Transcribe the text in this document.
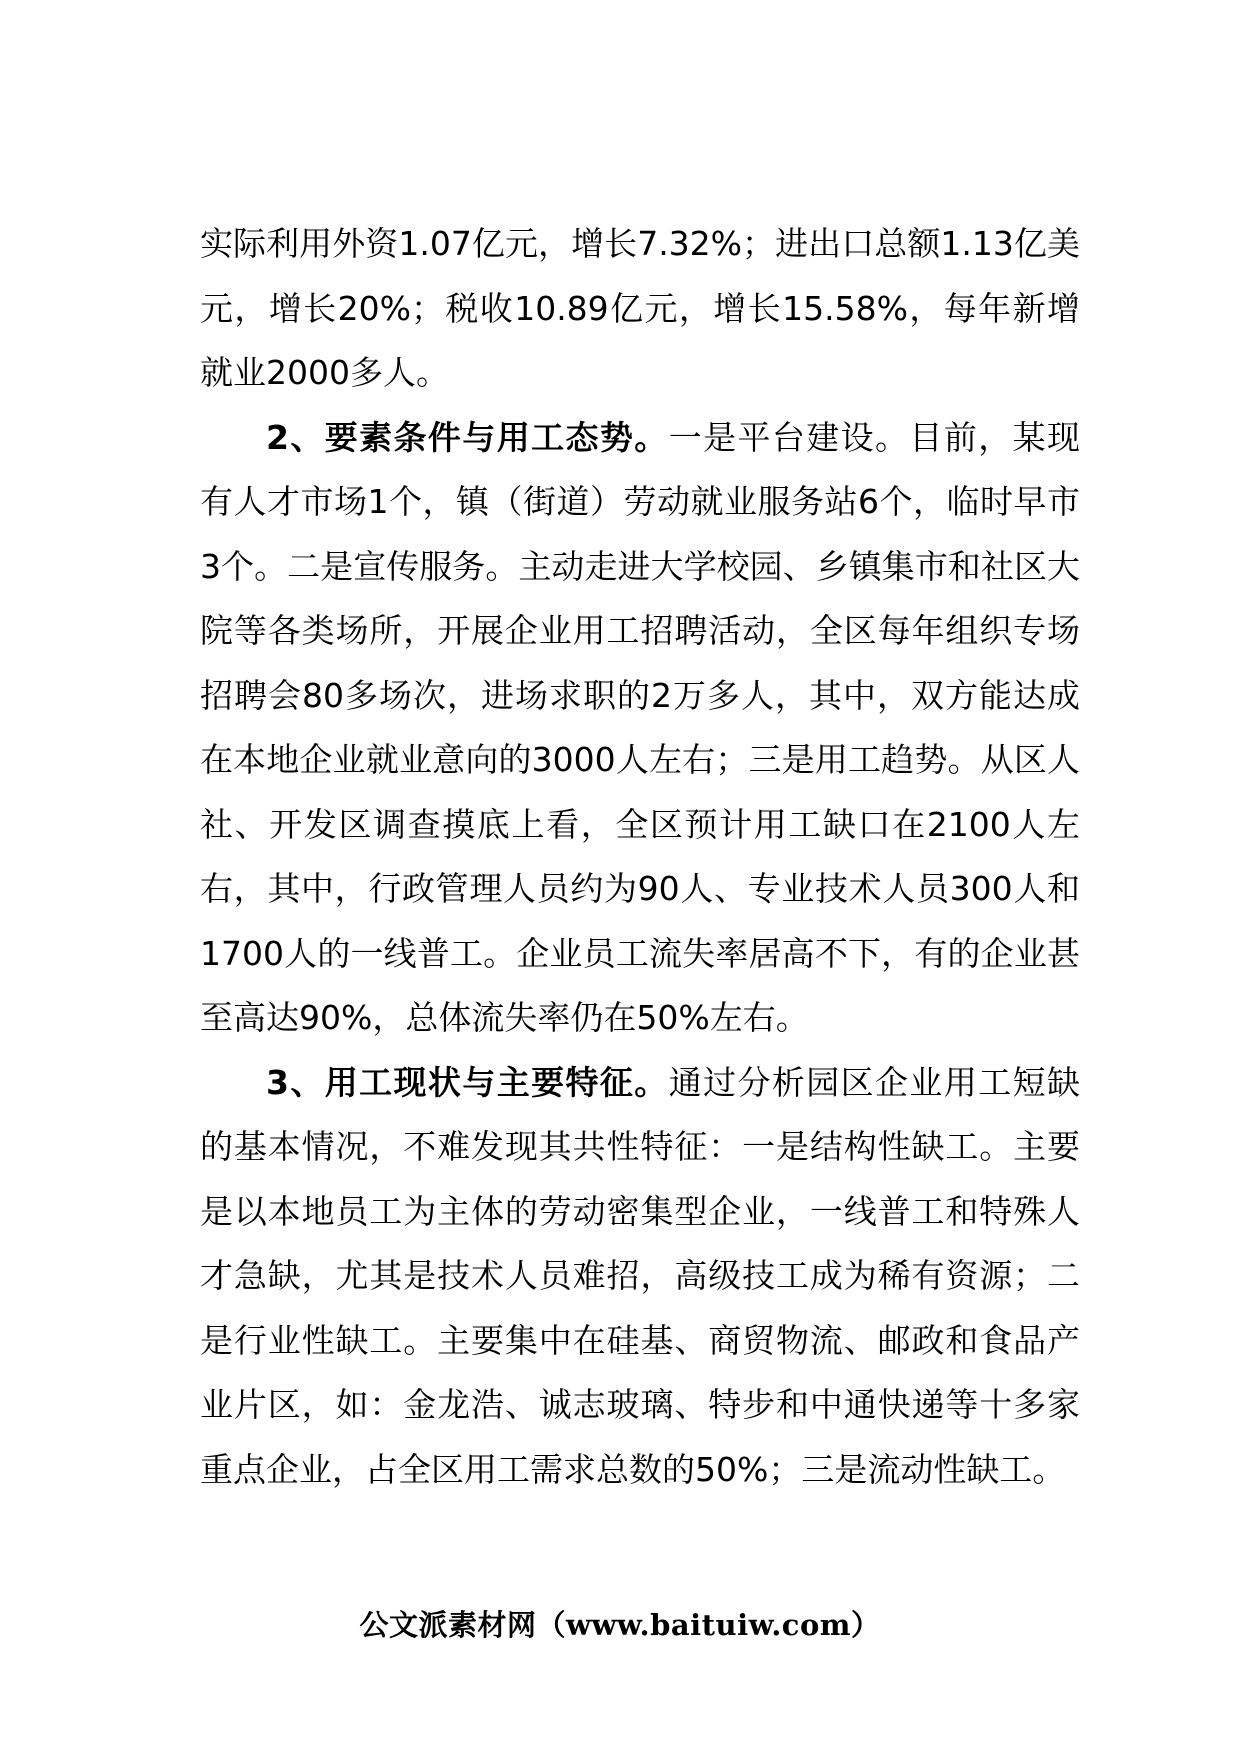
实际利用外资1.07亿元，增长7.32%；进出口总额1.13亿美元，增长20%；税收10.89亿元，增长15.58%，每年新增就业2000多人。

2、要素条件与用工态势。一是平台建设。目前，某现有人才市场1个，镇（街道）劳动就业服务站6个，临时早市3个。二是宣传服务。主动走进大学校园、乡镇集市和社区大院等各类场所，开展企业用工招聘活动，全区每年组织专场招聘会80多场次，进场求职的2万多人，其中，双方能达成在本地企业就业意向的3000人左右；三是用工趋势。从区人社、开发区调查摸底上看，全区预计用工缺口在2100人左右，其中，行政管理人员约为90人、专业技术人员300人和1700人的一线普工。企业员工流失率居高不下，有的企业甚至高达90%，总体流失率仍在50%左右。

3、用工现状与主要特征。通过分析园区企业用工短缺的基本情况，不难发现其共性特征：一是结构性缺工。主要是以本地员工为主体的劳动密集型企业，一线普工和特殊人才急缺，尤其是技术人员难招，高级技工成为稀有资源；二是行业性缺工。主要集中在硅基、商贸物流、邮政和食品产业片区，如：金龙浩、诚志玻璃、特步和中通快递等十多家重点企业，占全区用工需求总数的50%；三是流动性缺工。

公文派素材网（www.baituiw.com）
